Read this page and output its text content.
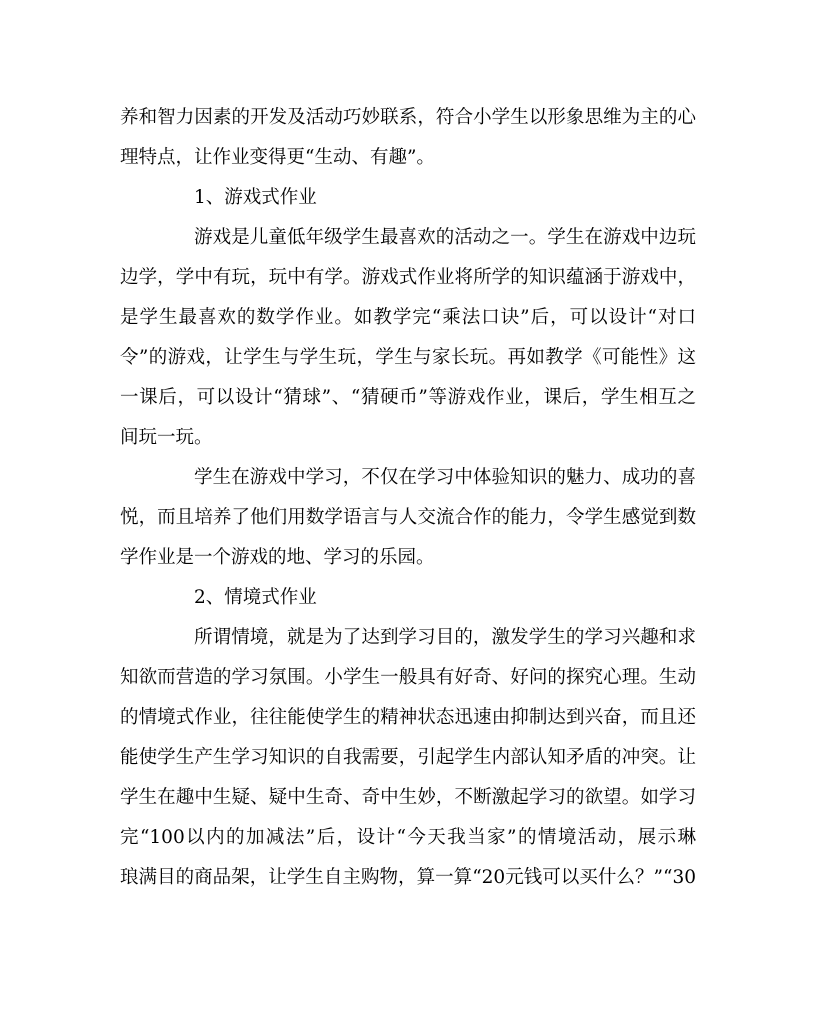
养和智力因素的开发及活动巧妙联系，符合小学生以形象思维为主的心
理特点，让作业变得更“生动、有趣”。
1、游戏式作业
游戏是儿童低年级学生最喜欢的活动之一。学生在游戏中边玩
边学，学中有玩，玩中有学。游戏式作业将所学的知识蕴涵于游戏中，
是学生最喜欢的数学作业。如教学完“乘法口诀”后，可以设计“对口
令”的游戏，让学生与学生玩，学生与家长玩。再如教学《可能性》这
一课后，可以设计“猜球”、“猜硬币”等游戏作业，课后，学生相互之
间玩一玩。
学生在游戏中学习，不仅在学习中体验知识的魅力、成功的喜
悦，而且培养了他们用数学语言与人交流合作的能力，令学生感觉到数
学作业是一个游戏的地、学习的乐园。
2、情境式作业
所谓情境，就是为了达到学习目的，激发学生的学习兴趣和求
知欲而营造的学习氛围。小学生一般具有好奇、好问的探究心理。生动
的情境式作业，往往能使学生的精神状态迅速由抑制达到兴奋，而且还
能使学生产生学习知识的自我需要，引起学生内部认知矛盾的冲突。让
学生在趣中生疑、疑中生奇、奇中生妙，不断激起学习的欲望。如学习
完“100以内的加减法”后，设计“今天我当家”的情境活动，展示琳
琅满目的商品架，让学生自主购物，算一算“20元钱可以买什么？”“30
